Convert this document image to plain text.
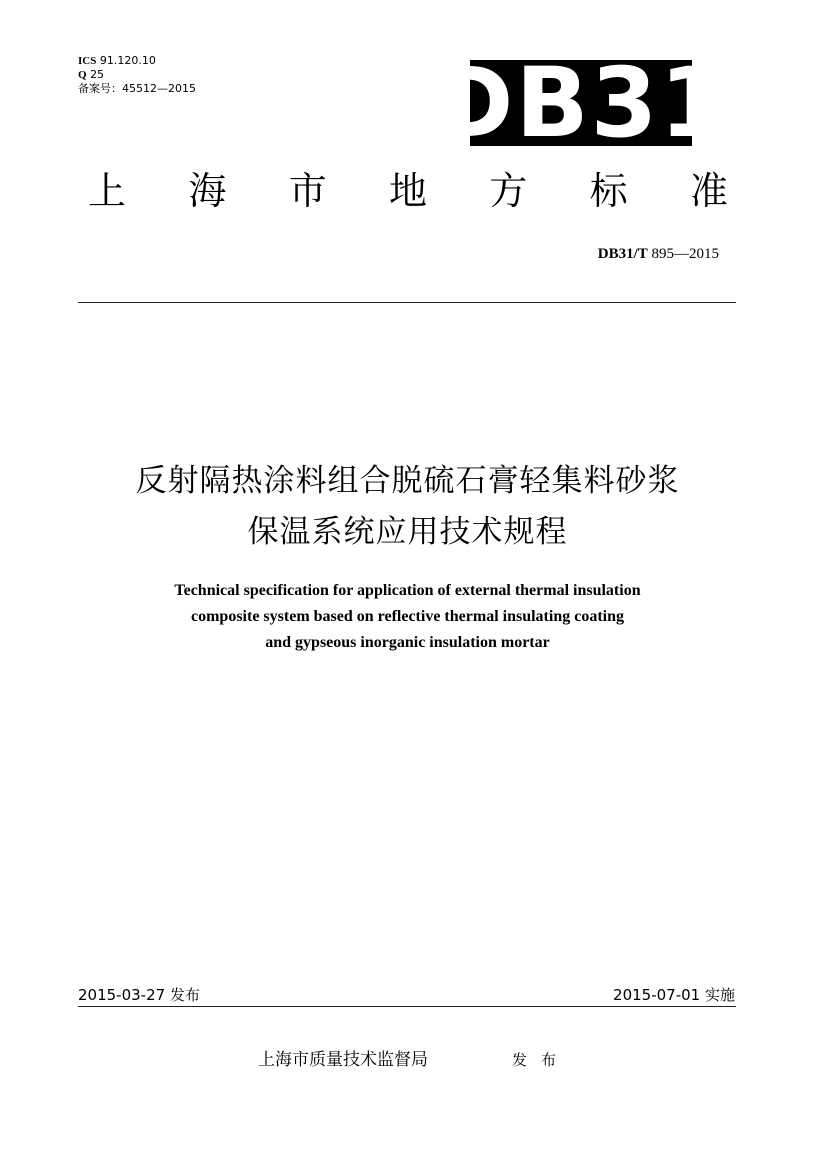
ICS 91.120.10
Q 25
备案号：45512—2015 DB31
上 海 市 地 方 标 准
DB31/T 895—2015
反射隔热涂料组合脱硫石膏轻集料砂浆
保温系统应用技术规程
Technical specification for application of external thermal insulation
composite system based on reflective thermal insulating coating
and gypseous inorganic insulation mortar
2015-03-27 发布	2015-07-01 实施
上海市质量技术监督局	发布
